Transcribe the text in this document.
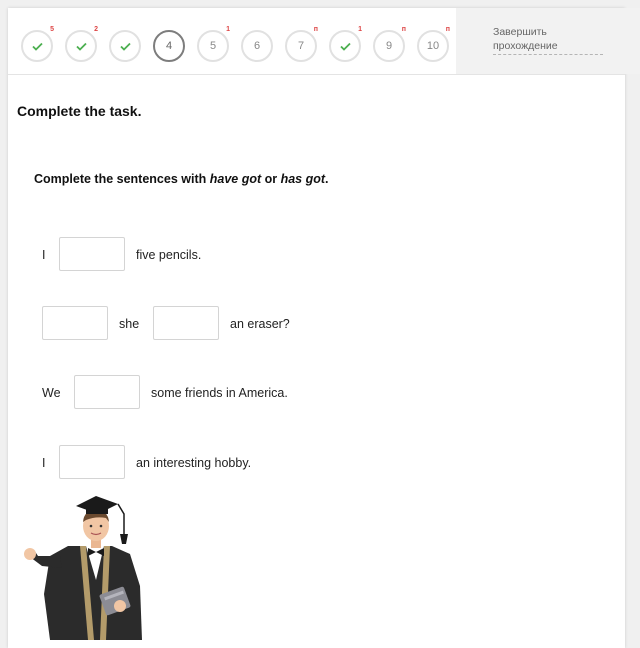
5	2
4	5
1
6	7
п	1
9
п
10
п	Завершить прохождение
Complete the task.
Complete the sentences with have got or has got.
I	five pencils.
she	an eraser?
We	some friends in America.
I	an interesting hobby.
